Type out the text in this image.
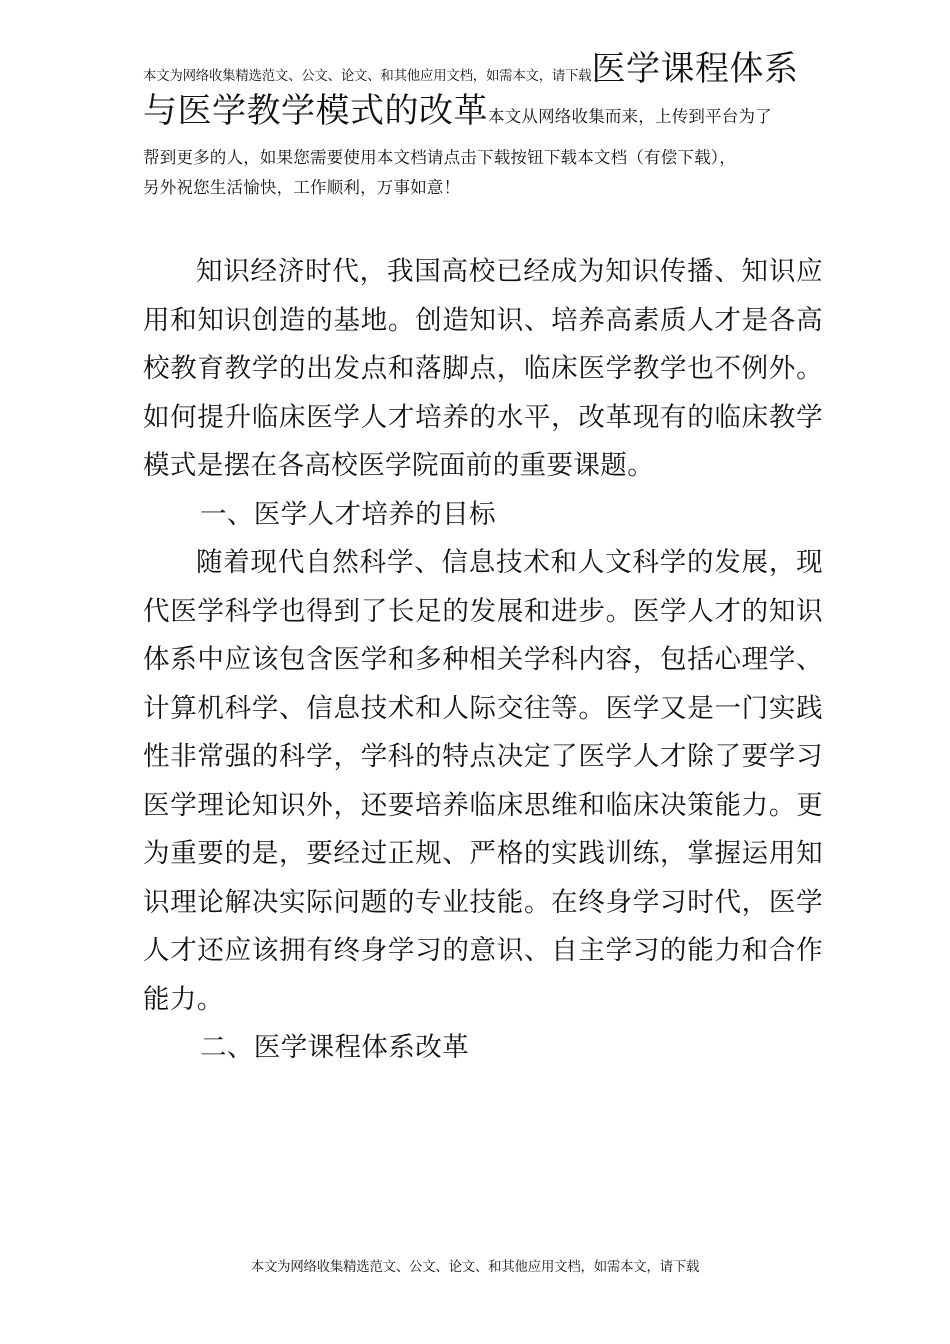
本文为网络收集精选范文、公文、论文、和其他应用文档，如需本文，请下载 医学课程体系
与医学教学模式的改革 本文从网络收集而来，上传到平台为了
帮到更多的人，如果您需要使用本文档请点击下载按钮下载本文档（有偿下载），
另外祝您生活愉快，工作顺利，万事如意！

知识经济时代，我国高校已经成为知识传播、知识应用和知识创造的基地。创造知识、培养高素质人才是各高校教育教学的出发点和落脚点，临床医学教学也不例外。如何提升临床医学人才培养的水平，改革现有的临床教学模式是摆在各高校医学院面前的重要课题。

一、医学人才培养的目标

随着现代自然科学、信息技术和人文科学的发展，现代医学科学也得到了长足的发展和进步。医学人才的知识体系中应该包含医学和多种相关学科内容，包括心理学、计算机科学、信息技术和人际交往等。医学又是一门实践性非常强的科学，学科的特点决定了医学人才除了要学习医学理论知识外，还要培养临床思维和临床决策能力。更为重要的是，要经过正规、严格的实践训练，掌握运用知识理论解决实际问题的专业技能。在终身学习时代，医学人才还应该拥有终身学习的意识、自主学习的能力和合作能力。

二、医学课程体系改革

本文为网络收集精选范文、公文、论文、和其他应用文档，如需本文，请下载
